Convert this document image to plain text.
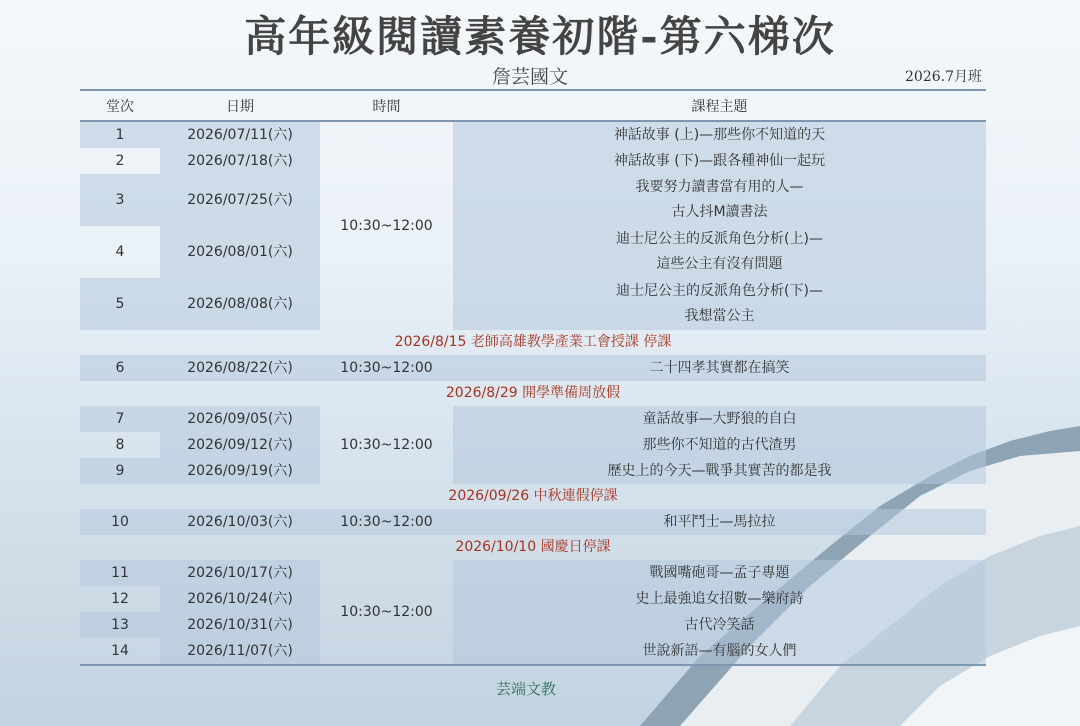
高年級閱讀素養初階-第六梯次
詹芸國文	2026.7月班
堂次	日期	時間	課程主題
1	2026/07/11(六)	10:30~12:00	神話故事 (上)—那些你不知道的天
2	2026/07/18(六)		神話故事 (下)—跟各種神仙一起玩
3	2026/07/25(六)		我要努力讀書當有用的人—
古人抖M讀書法

4	2026/08/01(六)		迪士尼公主的反派角色分析(上)—
這些公主有沒有問題

5	2026/08/08(六)		迪士尼公主的反派角色分析(下)—
我想當公主

2026/8/15 老師高雄教學產業工會授課 停課			
6	2026/08/22(六)	10:30~12:00	二十四孝其實都在搞笑
2026/8/29 開學準備周放假			
7	2026/09/05(六)	10:30~12:00	童話故事—大野狼的自白
8	2026/09/12(六)		那些你不知道的古代渣男
9	2026/09/19(六)		歷史上的今天—戰爭其實苦的都是我
2026/09/26 中秋連假停課			
10	2026/10/03(六)	10:30~12:00	和平鬥士—馬拉拉
2026/10/10 國慶日停課			
11	2026/10/17(六)	10:30~12:00	戰國嘴砲哥—孟子專題
12	2026/10/24(六)		史上最強追女招數—樂府詩
13	2026/10/31(六)		古代冷笑話
14	2026/11/07(六)		世說新語—有腦的女人們
芸端文教
